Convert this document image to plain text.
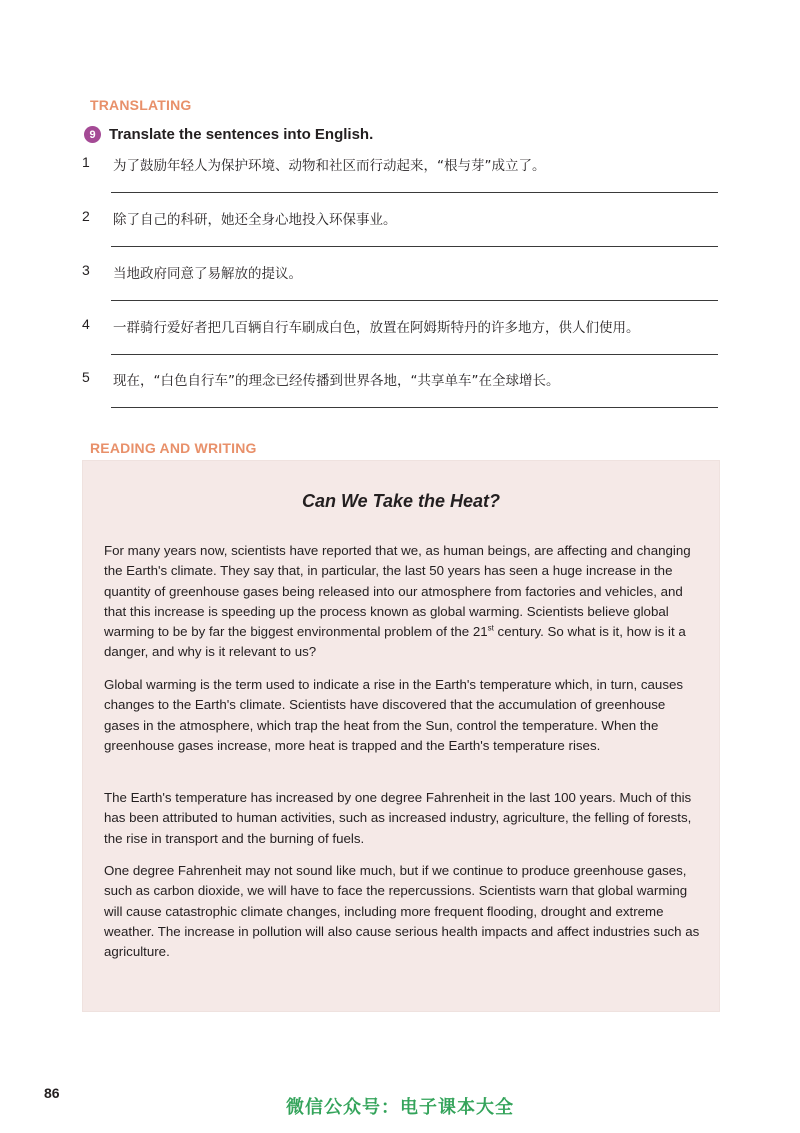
TRANSLATING
9 Translate the sentences into English.
1 为了鼓励年轻人为保护环境、动物和社区而行动起来，“根与芽”成立了。
2 除了自己的科研，她还全身心地投入环保事业。
3 当地政府同意了易解放的提议。
4 一群骑行爱好者把几百辆自行车刷成白色，放置在阿姆斯特丹的许多地方，供人们使用。
5 现在，“白色自行车”的理念已经传播到世界各地，“共享单车”在全球增长。
READING AND WRITING
Can We Take the Heat?

For many years now, scientists have reported that we, as human beings, are affecting and changing the Earth's climate. They say that, in particular, the last 50 years has seen a huge increase in the quantity of greenhouse gases being released into our atmosphere from factories and vehicles, and that this increase is speeding up the process known as global warming. Scientists believe global warming to be by far the biggest environmental problem of the 21st century. So what is it, how is it a danger, and why is it relevant to us?

Global warming is the term used to indicate a rise in the Earth's temperature which, in turn, causes changes to the Earth's climate. Scientists have discovered that the accumulation of greenhouse gases in the atmosphere, which trap the heat from the Sun, control the temperature. When the greenhouse gases increase, more heat is trapped and the Earth's temperature rises.

The Earth's temperature has increased by one degree Fahrenheit in the last 100 years. Much of this has been attributed to human activities, such as increased industry, agriculture, the felling of forests, the rise in transport and the burning of fuels.

One degree Fahrenheit may not sound like much, but if we continue to produce greenhouse gases, such as carbon dioxide, we will have to face the repercussions. Scientists warn that global warming will cause catastrophic climate changes, including more frequent flooding, drought and extreme weather. The increase in pollution will also cause serious health impacts and affect industries such as agriculture.

86
微信公众号：电子课本大全
